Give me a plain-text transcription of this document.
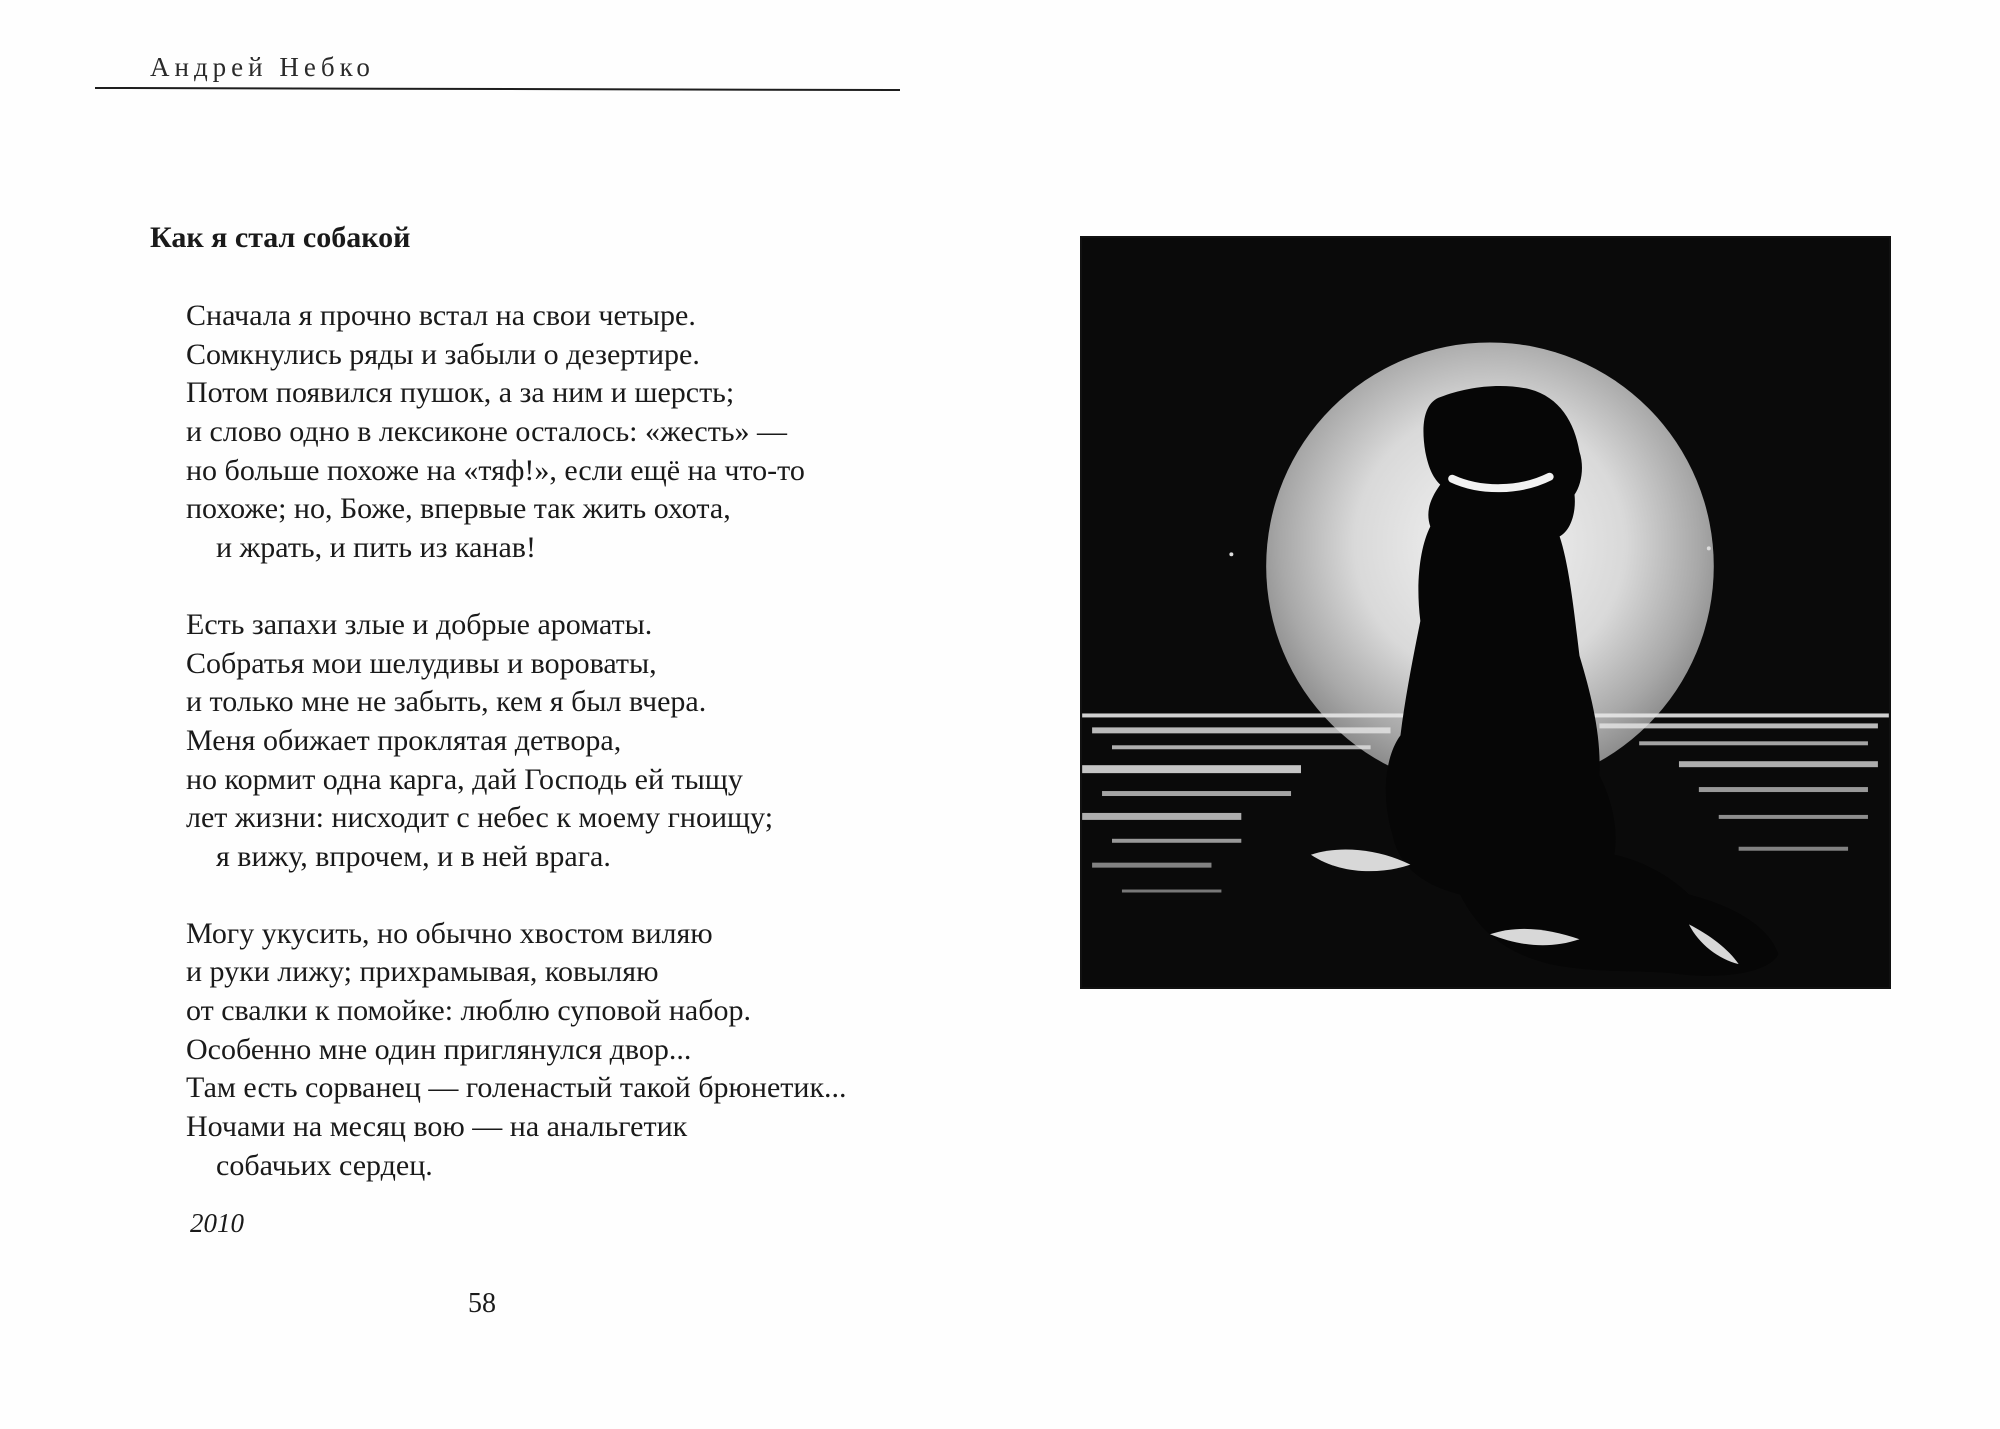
Андрей Небко
Как я стал собакой
Сначала я прочно встал на свои четыре.
Сомкнулись ряды и забыли о дезертире.
Потом появился пушок, а за ним и шерсть;
и слово одно в лексиконе осталось: «жесть» —
но больше похоже на «тяф!», если ещё на что-то
похоже; но, Боже, впервые так жить охота,
и жрать, и пить из канав!
Есть запахи злые и добрые ароматы.
Собратья мои шелудивы и вороваты,
и только мне не забыть, кем я был вчера.
Меня обижает проклятая детвора,
но кормит одна карга, дай Господь ей тыщу
лет жизни: нисходит с небес к моему гноищу;
я вижу, впрочем, и в ней врага.
Могу укусить, но обычно хвостом виляю
и руки лижу; прихрамывая, ковыляю
от свалки к помойке: люблю суповой набор.
Особенно мне один приглянулся двор...
Там есть сорванец — голенастый такой брюнетик...
Ночами на месяц вою — на анальгетик
собачьих сердец.
2010
58
